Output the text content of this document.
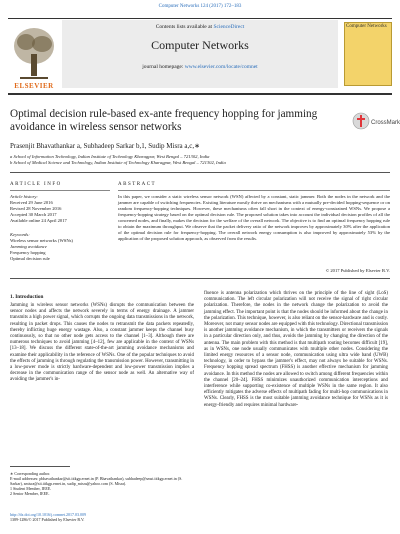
Computer Networks 124 (2017) 172–183
ELSEVIER
Contents lists available at ScienceDirect
Computer Networks
journal homepage: www.elsevier.com/locate/comnet
Computer Networks
Optimal decision rule-based ex-ante frequency hopping for jamming avoidance in wireless sensor networks	CrossMark
Prasenjit Bhavathankar a, Subhadeep Sarkar b,1, Sudip Misra a,c,∗
a School of Information Technology, Indian Institute of Technology Kharagpur, West Bengal – 721302, India
b School of Medical Science and Technology, Indian Institute of Technology Kharagpur, West Bengal – 721302, India
ARTICLE INFO	ABSTRACT
Article history:
Received 29 June 2016
Revised 28 November 2016
Accepted 30 March 2017
Available online 24 April 2017
Keywords:
Wireless sensor networks (WSNs)
Jamming avoidance
Frequency hopping
Optimal decision rule
In this paper, we consider a static wireless sensor network (WSN) affected by a constant, static jammer. Both the nodes in the network and the jammer are capable of switching frequencies. Existing literature mostly thrive on mechanisms with a mutually pre-decided hopping-sequence or on random frequency-hopping techniques. However, these mechanisms often fall short in the context of energy-constrained WSNs. We propose a frequency-hopping strategy based on the optimal decision rule. The proposed solution takes into account the individual decision profiles of all the concerned nodes, and finally, makes the decision for the welfare of the overall network. The objective is to find an optimal frequency hopping rule to obtain the maximum throughput. We observe that the packet delivery ratio of the network improves by approximately 30% after the application of the optimal decision rule for frequency-hopping. The overall network energy consumption is also improved by approximately 53% by the application of the proposed solution approach, as observed from the results.
© 2017 Published by Elsevier B.V.
1. Introduction
Jamming in wireless sensor networks (WSNs) disrupts the communication between the sensor nodes and affects the network severely in terms of energy drainage. A jammer transmits a high power signal, which corrupts the ongoing data transmissions in the network, resulting in packet drops. This causes the nodes to retransmit the data packets repeatedly, thereby inflicting huge energy wastage. Also, a constant jammer keeps the channel busy continuously, so that no other node gets access to the channel [1–3]. Although there are numerous techniques to avoid jamming [4–12], few are applicable in the context of WSNs [13–18]. We discuss the different state-of-the-art jamming avoidance mechanisms and examine their applicability in the reference of WSNs. One of the popular techniques to avoid the effects of jamming is through regulating the transmission power. However, transmitting in a low-power mode is strictly hardware-dependent and low-power transmission implies a decrease in the communication range of the sensor node as well. An alternative way of avoiding the jammer's in-
fluence is antenna polarization which thrives on the principle of the line of sight (LoS) communication. The left circular polarization will not receive the signal of right circular polarization. Therefore, the nodes in the network change the polarization to avoid the jamming effect. The important point is that the nodes should be informed about the change in the polarization. This technique, however, is also reliant on the sensor-hardware and is costly. Moreover, not many sensor nodes are equipped with this technology. Directional transmission is another jamming avoidance mechanism, in which the transmitters or receivers the signals in a particular direction only, and thus, avoids the jamming by changing the direction of the antenna. The main problem with this method is that multipath routing becomes difficult [19], as in WSNs, one node usually communicates with multiple other nodes. Considering the limited energy resources of a sensor node, communication using ultra wide band (UWB) technology, in order to bypass the jammer's effect, may not always be suitable for WSNs. Frequency hopping spread spectrum (FHSS) is another effective mechanism for jamming avoidance. In this method the nodes are allowed to switch among different frequencies within the channel [20–24]. FHSS minimizes unauthorized communication interceptions and interference while supporting co-existence of multiple WSNs in the same region. It also efficiently mitigates the adverse effects of multipath fading for multi-hop communications in WSNs. Clearly, FHSS is the most suitable jamming avoidance technique for WSNs as it is energy-friendly and requires minimal hardware-
∗ Corresponding author.
E-mail addresses: pbhavathankar@sit.iitkgp.ernet.in (P. Bhavathankar), subhadeep@smst.iitkgp.ernet.in (S. Sarkar), smisra@sit.iitkgp.ernet.in, sudip_misra@yahoo.com (S. Misra).
1 Student Member, IEEE.
2 Senior Member, IEEE.
http://dx.doi.org/10.1016/j.comnet.2017.03.009
1389-1286/© 2017 Published by Elsevier B.V.
